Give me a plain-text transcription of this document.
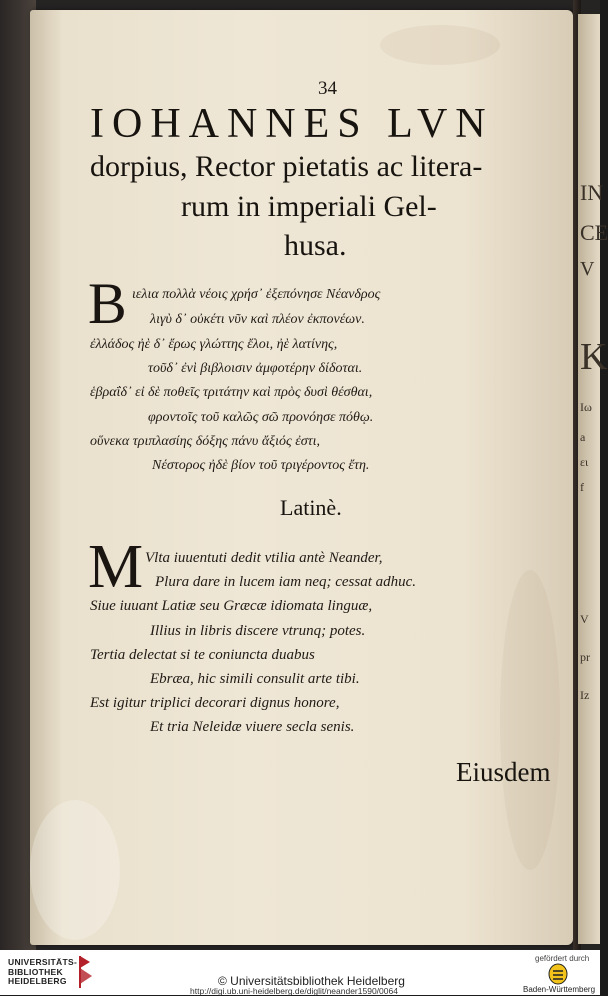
IN
CE
V
K
Iω
a
ει
f
V
pr
Iz
34
IOHANNES LVN
dorpius, Rector pietatis ac litera-
rum in imperiali Gel-
husa.
B ιελια πολλὰ νέοις χρήσ᾽ ἐξεπόνησε Νέανδρος
λιγὺ δ᾽ οὐκέτι νῦν καὶ πλέον ἐκπονέων.
ἐλλάδος ἠὲ δ᾽ ἔρως γλώττης ἔλοι, ἠὲ λατίνης,
τοῦδ᾽ ἐνὶ βιβλοισιν ἀμφοτέρην δίδοται.
ἑβραΐδ᾽ εἰ δὲ ποθεῖς τριτάτην καὶ πρὸς δυσὶ θέσθαι,
φροντοῖς τοῦ καλῶς σῶ προνόησε πόθῳ.
οὕνεκα τριπλασίης δόξης πάνυ ἄξιός ἐστι,
Νέστορος ἠδὲ βίον τοῦ τριγέροντος ἔτη.
Latinè.
M Vlta iuuentuti dedit vtilia antè Neander,
Plura dare in lucem iam neq; cessat adhuc.
Siue iuuant Latiæ seu Græcæ idiomata linguæ,
Illius in libris discere vtrunq; potes.
Tertia delectat si te coniuncta duabus
Ebræa, hic simili consulit arte tibi.
Est igitur triplici decorari dignus honore,
Et tria Neleidæ viuere secla senis.
Eiusdem
UNIVERSITÄTS-
BIBLIOTHEK
HEIDELBERG	© Universitätsbibliothek Heidelberg
http://digi.ub.uni-heidelberg.de/diglit/neander1590/0064
gefördert durch
Baden-Württemberg
